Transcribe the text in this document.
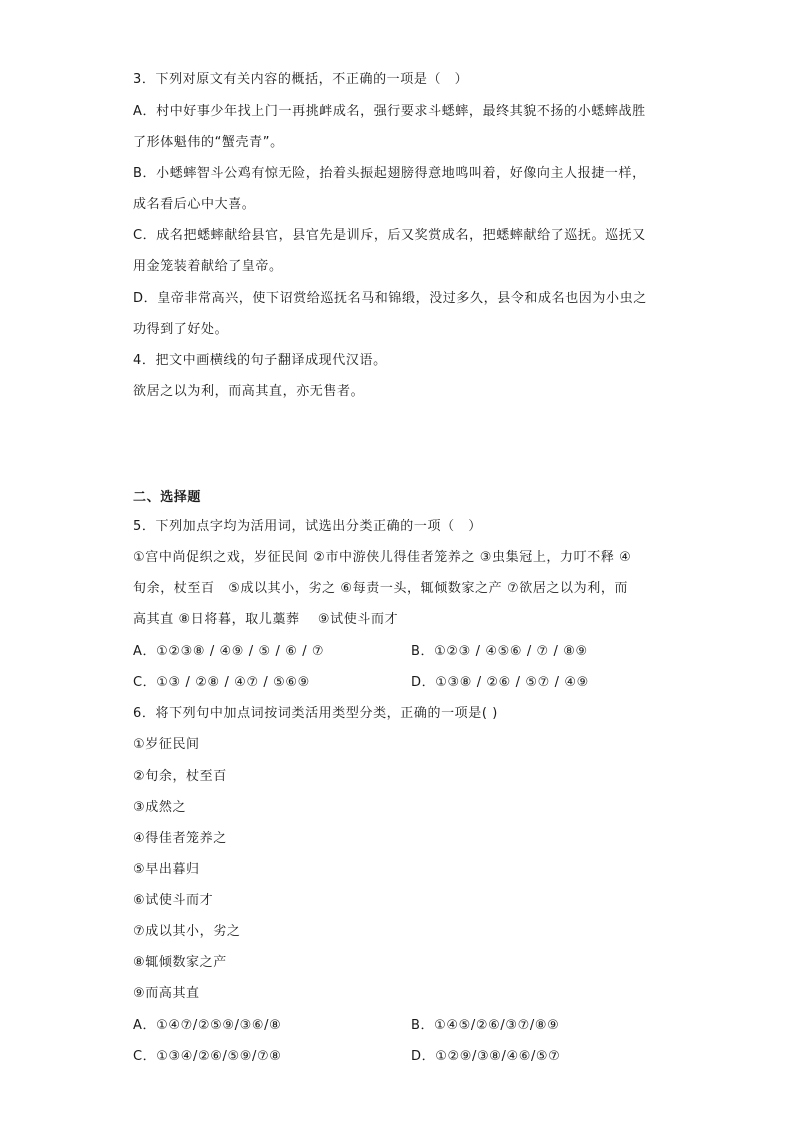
3．下列对原文有关内容的概括，不正确的一项是（　）
A．村中好事少年找上门一再挑衅成名，强行要求斗蟋蟀，最终其貌不扬的小蟋蟀战胜
了形体魁伟的“蟹壳青”。
B．小蟋蟀智斗公鸡有惊无险，抬着头振起翅膀得意地鸣叫着，好像向主人报捷一样，
成名看后心中大喜。
C．成名把蟋蟀献给县官，县官先是训斥，后又奖赏成名，把蟋蟀献给了巡抚。巡抚又
用金笼装着献给了皇帝。
D．皇帝非常高兴，使下诏赏给巡抚名马和锦缎，没过多久，县令和成名也因为小虫之
功得到了好处。
4．把文中画横线的句子翻译成现代汉语。
欲居之以为利，而高其直，亦无售者。
二、选择题
5．下列加点字均为活用词，试选出分类正确的一项（　）
①宫中尚促织之戏，岁征民间 ②市中游侠儿得佳者笼养之 ③虫集冠上，力叮不释 ④
旬余，杖至百　⑤成以其小，劣之 ⑥每责一头，辄倾数家之产 ⑦欲居之以为利，而
高其直 ⑧日将暮，取儿藁葬　 ⑨试使斗而才
A．①②③⑧ / ④⑨ / ⑤ / ⑥ / ⑦	B．①②③ / ④⑤⑥ / ⑦ / ⑧⑨
C．①③ / ②⑧ / ④⑦ / ⑤⑥⑨	D．①③⑧ / ②⑥ / ⑤⑦ / ④⑨
6．将下列句中加点词按词类活用类型分类，正确的一项是( )
①岁征民间
②旬余，杖至百
③成然之
④得佳者笼养之
⑤早出暮归
⑥试使斗而才
⑦成以其小，劣之
⑧辄倾数家之产
⑨而高其直
A．①④⑦/②⑤⑨/③⑥/⑧	B．①④⑤/②⑥/③⑦/⑧⑨
C．①③④/②⑥/⑤⑨/⑦⑧	D．①②⑨/③⑧/④⑥/⑤⑦
